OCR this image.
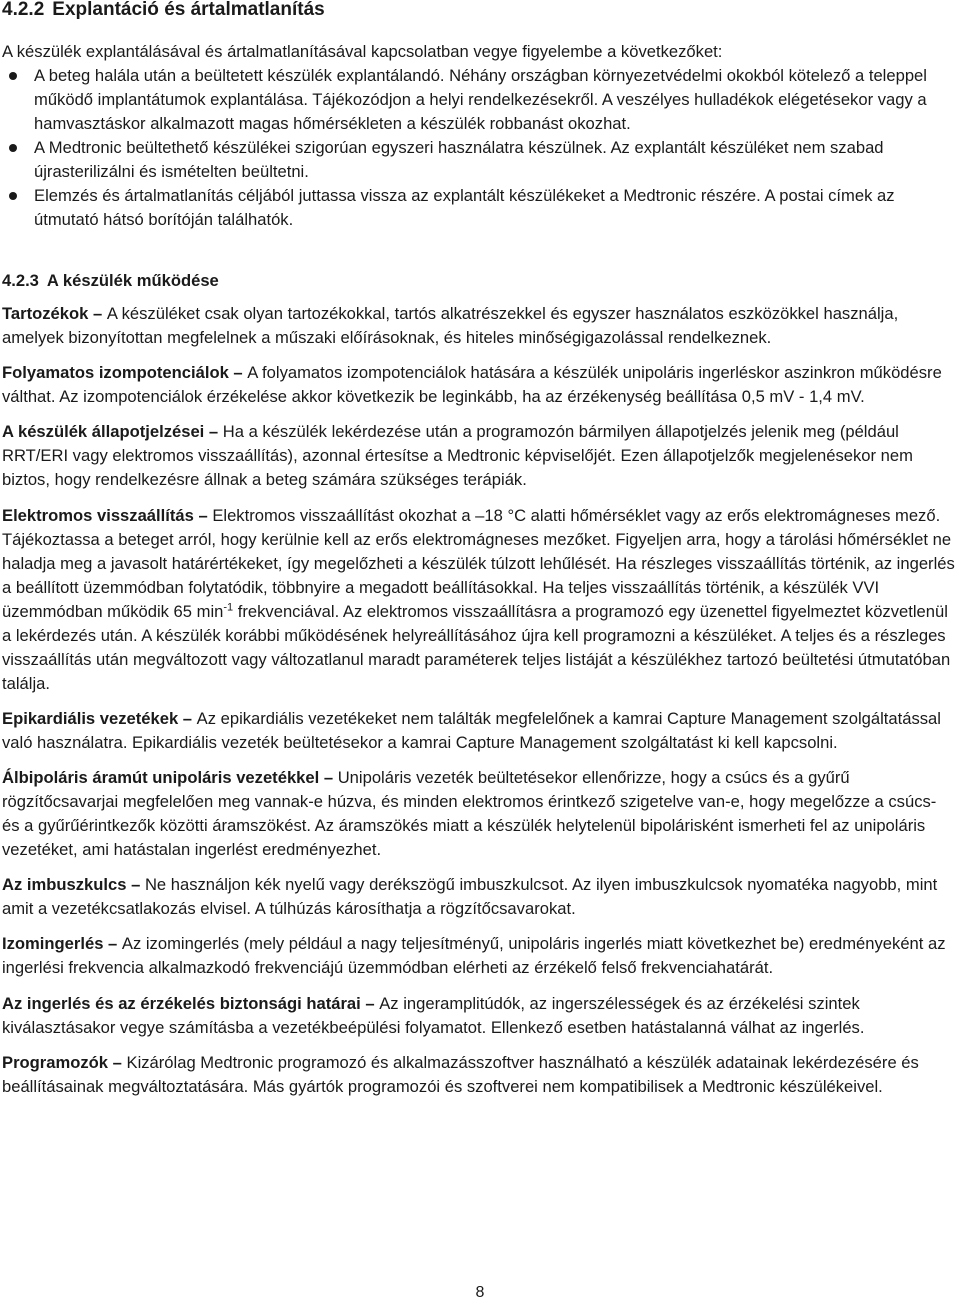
4.2.2 Explantáció és ártalmatlanítás

A készülék explantálásával és ártalmatlanításával kapcsolatban vegye figyelembe a következőket:

A beteg halála után a beültetett készülék explantálandó. Néhány országban környezetvédelmi okokból kötelező a teleppel működő implantátumok explantálása. Tájékozódjon a helyi rendelkezésekről. A veszélyes hulladékok elégetésekor vagy a hamvasztáskor alkalmazott magas hőmérsékleten a készülék robbanást okozhat.
A Medtronic beültethető készülékei szigorúan egyszeri használatra készülnek. Az explantált készüléket nem szabad újrasterilizálni és ismételten beültetni.
Elemzés és ártalmatlanítás céljából juttassa vissza az explantált készülékeket a Medtronic részére. A postai címek az útmutató hátsó borítóján találhatók.
4.2.3 A készülék működése

Tartozékok – A készüléket csak olyan tartozékokkal, tartós alkatrészekkel és egyszer használatos eszközökkel használja, amelyek bizonyítottan megfelelnek a műszaki előírásoknak, és hiteles minőségigazolással rendelkeznek.

Folyamatos izompotenciálok – A folyamatos izompotenciálok hatására a készülék unipoláris ingerléskor aszinkron működésre válthat. Az izompotenciálok érzékelése akkor következik be leginkább, ha az érzékenység beállítása 0,5 mV - 1,4 mV.

A készülék állapotjelzései – Ha a készülék lekérdezése után a programozón bármilyen állapotjelzés jelenik meg (például RRT/ERI vagy elektromos visszaállítás), azonnal értesítse a Medtronic képviselőjét. Ezen állapotjelzők megjelenésekor nem biztos, hogy rendelkezésre állnak a beteg számára szükséges terápiák.

Elektromos visszaállítás – Elektromos visszaállítást okozhat a –18 °C alatti hőmérséklet vagy az erős elektromágneses mező. Tájékoztassa a beteget arról, hogy kerülnie kell az erős elektromágneses mezőket. Figyeljen arra, hogy a tárolási hőmérséklet ne haladja meg a javasolt határértékeket, így megelőzheti a készülék túlzott lehűlését. Ha részleges visszaállítás történik, az ingerlés a beállított üzemmódban folytatódik, többnyire a megadott beállításokkal. Ha teljes visszaállítás történik, a készülék VVI üzemmódban működik 65 $\min^{-1}$ frekvenciával. Az elektromos visszaállításra a programozó egy üzenettel figyelmeztet közvetlenül a lekérdezés után. A készülék korábbi működésének helyreállításához újra kell programozni a készüléket. A teljes és a részleges visszaállítás után megváltozott vagy változatlanul maradt paraméterek teljes listáját a készülékhez tartozó beültetési útmutatóban találja.

Epikardiális vezetékek – Az epikardiális vezetékeket nem találták megfelelőnek a kamrai Capture Management szolgáltatással való használatra. Epikardiális vezeték beültetésekor a kamrai Capture Management szolgáltatást ki kell kapcsolni.

Álbipoláris áramút unipoláris vezetékkel – Unipoláris vezeték beültetésekor ellenőrizze, hogy a csúcs és a gyűrű rögzítőcsavarjai megfelelően meg vannak-e húzva, és minden elektromos érintkező szigetelve van-e, hogy megelőzze a csúcs- és a gyűrűérintkezők közötti áramszökést. Az áramszökés miatt a készülék helytelenül bipolárisként ismerheti fel az unipoláris vezetéket, ami hatástalan ingerlést eredményezhet.

Az imbuszkulcs – Ne használjon kék nyelű vagy derékszögű imbuszkulcsot. Az ilyen imbuszkulcsok nyomatéka nagyobb, mint amit a vezetékcsatlakozás elvisel. A túlhúzás károsíthatja a rögzítőcsavarokat.

Izomingerlés – Az izomingerlés (mely például a nagy teljesítményű, unipoláris ingerlés miatt következhet be) eredményeként az ingerlési frekvencia alkalmazkodó frekvenciájú üzemmódban elérheti az érzékelő felső frekvenciahatárát.

Az ingerlés és az érzékelés biztonsági határai – Az ingeramplitúdók, az ingerszélességek és az érzékelési szintek kiválasztásakor vegye számításba a vezetékbeépülési folyamatot. Ellenkező esetben hatástalanná válhat az ingerlés.

Programozók – Kizárólag Medtronic programozó és alkalmazásszoftver használható a készülék adatainak lekérdezésére és beállításainak megváltoztatására. Más gyártók programozói és szoftverei nem kompatibilisek a Medtronic készülékeivel.

8
